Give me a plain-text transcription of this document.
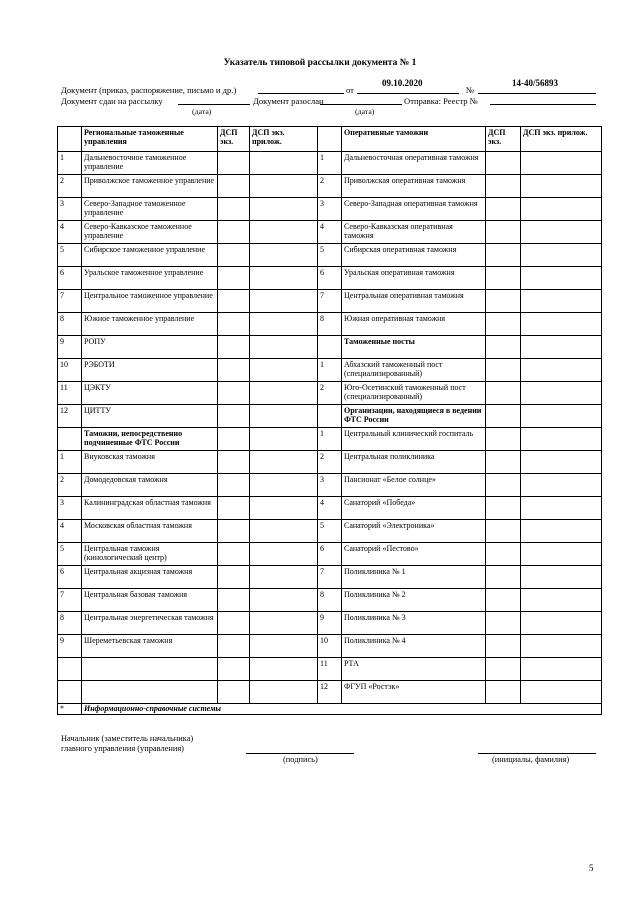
Указатель типовой рассылки документа № 1
Документ (приказ, распоряжение, письмо и др.)	от
09.10.2020
№
14-40/56893
Документ сдан на рассылку	Документ разослан	Отправка: Реестр №
(дата)	(дата)
	Региональные таможенные управления	ДСП экз.	ДСП экз. прилож.		Оперативные таможни	ДСП экз.	ДСП экз. прилож.
1	Дальневосточное таможенное управление			1	Дальневосточная оперативная таможня		
2	Приволжское таможенное управление			2	Приволжская оперативная таможня		
3	Северо-Западное таможенное управление			3	Северо-Западная оперативная таможня		
4	Северо-Кавказское таможенное управление			4	Северо-Кавказская оперативная таможня		
5	Сибирское таможенное управление			5	Сибирская оперативная таможня		
6	Уральское таможенное управление			6	Уральская оперативная таможня		
7	Центральное таможенное управление			7	Центральная оперативная таможня		
8	Южное таможенное управление			8	Южная оперативная таможня		
9	РОПУ				Таможенные посты		
10	РЭБОТИ			1	Абхазский таможенный пост (специализированный)		
11	ЦЭКТУ			2	Юго-Осетинский таможенный пост (специализированный)		
12	ЦИТТУ				Организации, находящиеся в ведении ФТС России		
	Таможни, непосредственно подчиненные ФТС России			1	Центральный клинический госпиталь		
1	Внуковская таможня			2	Центральная поликлиника		
2	Домодедовская таможня			3	Пансионат «Белое солнце»		
3	Калининградская областная таможня			4	Санаторий «Победа»		
4	Московская областная таможня			5	Санаторий «Электроника»		
5	Центральная таможня (кинологический центр)			6	Санаторий «Пестово»		
6	Центральная акцизная таможня			7	Поликлиника № 1		
7	Центральная базовая таможня			8	Поликлиника № 2		
8	Центральная энергетическая таможня			9	Поликлиника № 3		
9	Шереметьевская таможня			10	Поликлиника № 4		
				11	РТА		
				12	ФГУП «Ростэк»		
*	Информационно-справочные системы						
Начальник (заместитель начальника)
главного управления (управления)
(подпись)	(инициалы, фамилия)
5
